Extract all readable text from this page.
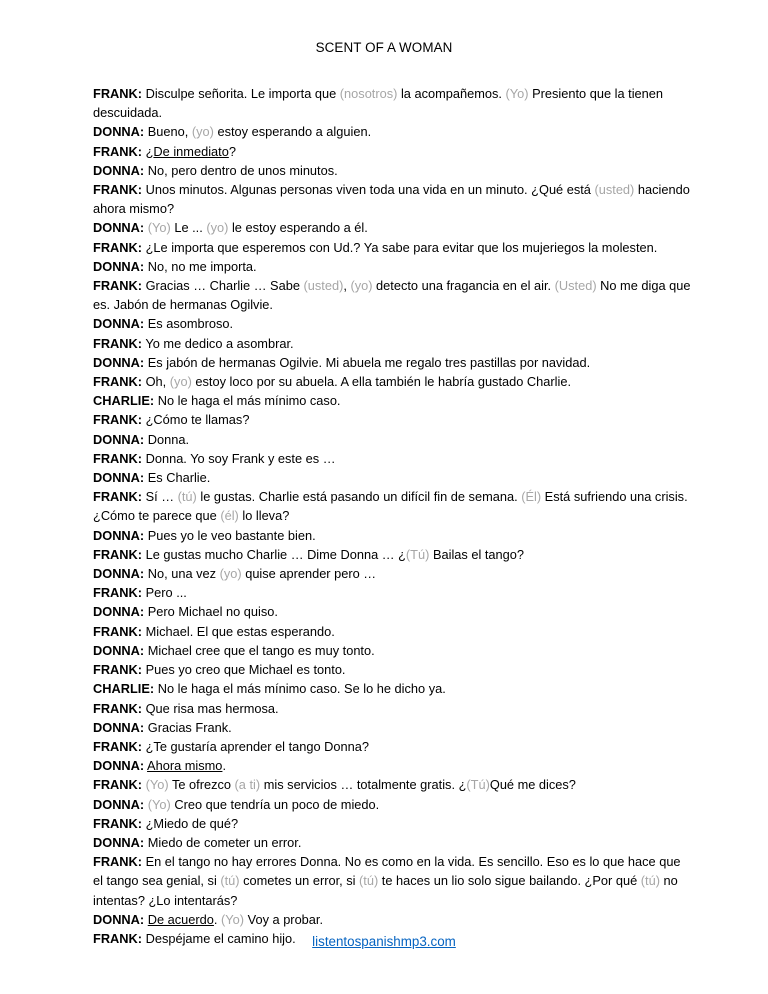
SCENT OF A WOMAN

FRANK: Disculpe señorita. Le importa que (nosotros) la acompañemos. (Yo) Presiento que la tienen descuidada.

DONNA: Bueno, (yo) estoy esperando a alguien.

FRANK: ¿De inmediato?

DONNA: No, pero dentro de unos minutos.

FRANK: Unos minutos. Algunas personas viven toda una vida en un minuto. ¿Qué está (usted) haciendo ahora mismo?

DONNA: (Yo) Le ... (yo) le estoy esperando a él.

FRANK: ¿Le importa que esperemos con Ud.? Ya sabe para evitar que los mujeriegos la molesten.

DONNA: No, no me importa.

FRANK: Gracias … Charlie … Sabe (usted), (yo) detecto una fragancia en el air. (Usted) No me diga que es. Jabón de hermanas Ogilvie.

DONNA: Es asombroso.

FRANK: Yo me dedico a asombrar.

DONNA: Es jabón de hermanas Ogilvie. Mi abuela me regalo tres pastillas por navidad.

FRANK: Oh, (yo) estoy loco por su abuela. A ella también le habría gustado Charlie.

CHARLIE: No le haga el más mínimo caso.

FRANK: ¿Cómo te llamas?

DONNA: Donna.

FRANK: Donna. Yo soy Frank y este es …

DONNA: Es Charlie.

FRANK: Sí … (tú) le gustas. Charlie está pasando un difícil fin de semana. (Él) Está sufriendo una crisis. ¿Cómo te parece que (él) lo lleva?

DONNA: Pues yo le veo bastante bien.

FRANK: Le gustas mucho Charlie … Dime Donna … ¿(Tú) Bailas el tango?

DONNA: No, una vez (yo) quise aprender pero …

FRANK: Pero ...

DONNA: Pero Michael no quiso.

FRANK: Michael. El que estas esperando.

DONNA: Michael cree que el tango es muy tonto.

FRANK: Pues yo creo que Michael es tonto.

CHARLIE: No le haga el más mínimo caso. Se lo he dicho ya.

FRANK: Que risa mas hermosa.

DONNA: Gracias Frank.

FRANK: ¿Te gustaría aprender el tango Donna?

DONNA: Ahora mismo.

FRANK: (Yo) Te ofrezco (a ti) mis servicios … totalmente gratis. ¿(Tú)Qué me dices?

DONNA: (Yo) Creo que tendría un poco de miedo.

FRANK: ¿Miedo de qué?

DONNA: Miedo de cometer un error.

FRANK: En el tango no hay errores Donna. No es como en la vida. Es sencillo. Eso es lo que hace que el tango sea genial, si (tú) cometes un error, si (tú) te haces un lio solo sigue bailando. ¿Por qué (tú) no intentas? ¿Lo intentarás?

DONNA: De acuerdo. (Yo) Voy a probar.

FRANK: Despéjame el camino hijo.	listentospanishmp3.com
